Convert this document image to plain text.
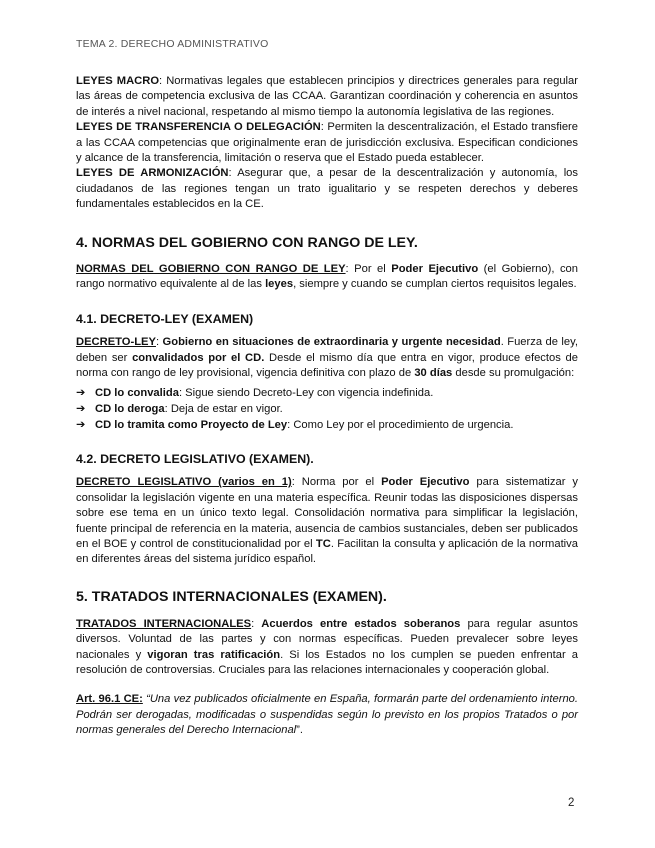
TEMA 2. DERECHO ADMINISTRATIVO

LEYES MACRO: Normativas legales que establecen principios y directrices generales para regular las áreas de competencia exclusiva de las CCAA. Garantizan coordinación y coherencia en asuntos de interés a nivel nacional, respetando al mismo tiempo la autonomía legislativa de las regiones.

LEYES DE TRANSFERENCIA O DELEGACIÓN: Permiten la descentralización, el Estado transfiere a las CCAA competencias que originalmente eran de jurisdicción exclusiva. Especifican condiciones y alcance de la transferencia, limitación o reserva que el Estado pueda establecer.

LEYES DE ARMONIZACIÓN: Asegurar que, a pesar de la descentralización y autonomía, los ciudadanos de las regiones tengan un trato igualitario y se respeten derechos y deberes fundamentales establecidos en la CE.

4. NORMAS DEL GOBIERNO CON RANGO DE LEY.

NORMAS DEL GOBIERNO CON RANGO DE LEY: Por el Poder Ejecutivo (el Gobierno), con rango normativo equivalente al de las leyes, siempre y cuando se cumplan ciertos requisitos legales.

4.1. DECRETO-LEY (EXAMEN)

DECRETO-LEY: Gobierno en situaciones de extraordinaria y urgente necesidad. Fuerza de ley, deben ser convalidados por el CD. Desde el mismo día que entra en vigor, produce efectos de norma con rango de ley provisional, vigencia definitiva con plazo de 30 días desde su promulgación:

➔ CD lo convalida: Sigue siendo Decreto-Ley con vigencia indefinida.
➔ CD lo deroga: Deja de estar en vigor.
➔ CD lo tramita como Proyecto de Ley: Como Ley por el procedimiento de urgencia.
4.2. DECRETO LEGISLATIVO (EXAMEN).

DECRETO LEGISLATIVO (varios en 1): Norma por el Poder Ejecutivo para sistematizar y consolidar la legislación vigente en una materia específica. Reunir todas las disposiciones dispersas sobre ese tema en un único texto legal. Consolidación normativa para simplificar la legislación, fuente principal de referencia en la materia, ausencia de cambios sustanciales, deben ser publicados en el BOE y control de constitucionalidad por el TC. Facilitan la consulta y aplicación de la normativa en diferentes áreas del sistema jurídico español.

5. TRATADOS INTERNACIONALES (EXAMEN).

TRATADOS INTERNACIONALES: Acuerdos entre estados soberanos para regular asuntos diversos. Voluntad de las partes y con normas específicas. Pueden prevalecer sobre leyes nacionales y vigoran tras ratificación. Si los Estados no los cumplen se pueden enfrentar a resolución de controversias. Cruciales para las relaciones internacionales y cooperación global.

Art. 96.1 CE: “Una vez publicados oficialmente en España, formarán parte del ordenamiento interno. Podrán ser derogadas, modificadas o suspendidas según lo previsto en los propios Tratados o por normas generales del Derecho Internacional”.

2
